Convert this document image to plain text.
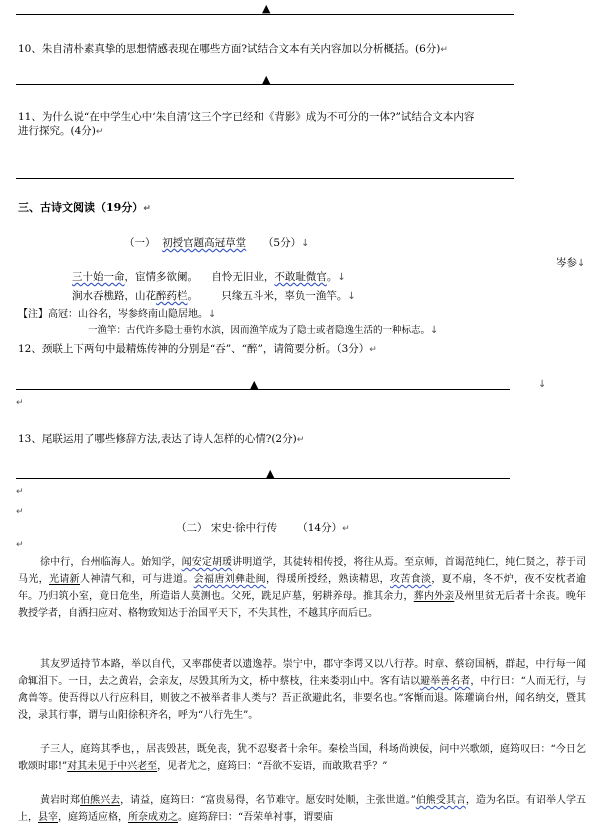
▲
10、朱自清朴素真挚的思想情感表现在哪些方面?试结合文本有关内容加以分析概括。(6分)↵
▲
11、为什么说“在中学生心中‘朱自清’这三个字已经和《背影》成为不可分的一体?”试结合文本内容
进行探究。(4分)↵
三、古诗文阅读（19分）↵
（一） 初授官题高冠草堂 （5分）↓
岑参↓
三十始一命，宦情多欲阑。 自怜无旧业，不敢耻微官。↓
涧水吞樵路，山花醉药栏。 只缘五斗米，辜负一渔竿。↓
【注】高冠：山谷名，岑参終南山隐居地。↓
一渔竿：古代许多隐士垂钓水滨，因而渔竿成为了隐士或者隐逸生活的一种标志。↓
12、颈联上下两句中最精炼传神的分别是“吞”、“醉”，请简要分析。（3分）↵
▲	↓
↵
13、尾联运用了哪些修辞方法,表达了诗人怎样的心情?(2分)↵
▲
↵
↵
（二） 宋史·徐中行传 （14分）↵
↵
徐中行，台州临海人。始知学，闻安定胡瑗讲明道学，其徒转相传授，将往从焉。至京师，首谒范纯仁，纯仁贤之，荐于司马光，光请新人神清气和，可与进道。会福唐刘彝赴闽，得瑗所授经，熟读精思，攻苦食淡，夏不扇，冬不炉，夜不安枕者逾年。乃归筑小室，竟日危坐，所造诣人莫测也。父死，跣足庐墓，躬耕养母。推其余力，葬内外亲及州里贫无后者十余丧。晚年教授学者，自洒扫应对、格物致知达于治国平天下，不失其性，不越其序而后已。
其友罗适持节本路，举以自代，又率郡使者以遗逸荐。崇宁中，郡守李谔又以八行荐。时章、蔡窃国柄，群起，中行每一闻命辄泪下。一日，去之黄岩，会亲友，尽毁其所为文，桥中蔡枝，往来娄羽山中。客有诘以避举善名者，中行曰：“人而无行，与禽兽等。使吾得以八行应科目，则彼之不被举者非人类与？吾正欲避此名，非要名也。”客惭而退。陈瓘谪台州，闻名纳交，暨其没，录其行事，谓与山阳徐积齐名，呼为“八行先生”。
子三人，庭筠其季也，，居丧毁甚，既免丧，犹不忍娶者十余年。秦桧当国，科场尚谀佞，问中兴歌颂，庭筠叹曰：“今日乞歌颂时耶!”对其未见于中兴老至，见者尤之，庭筠曰：“吾欲不妄语，而敢欺君乎？”
黄岩时郑伯熊兴去，请益，庭筠曰：“富贵易得，名节难守。愿安时处顺，主张世道。”伯熊受其言，造为名臣。有诏举人学五上，县宰，庭筠适应格，所奈成劝之。庭筠辞曰：“吾荣单衬事，谓要庙
